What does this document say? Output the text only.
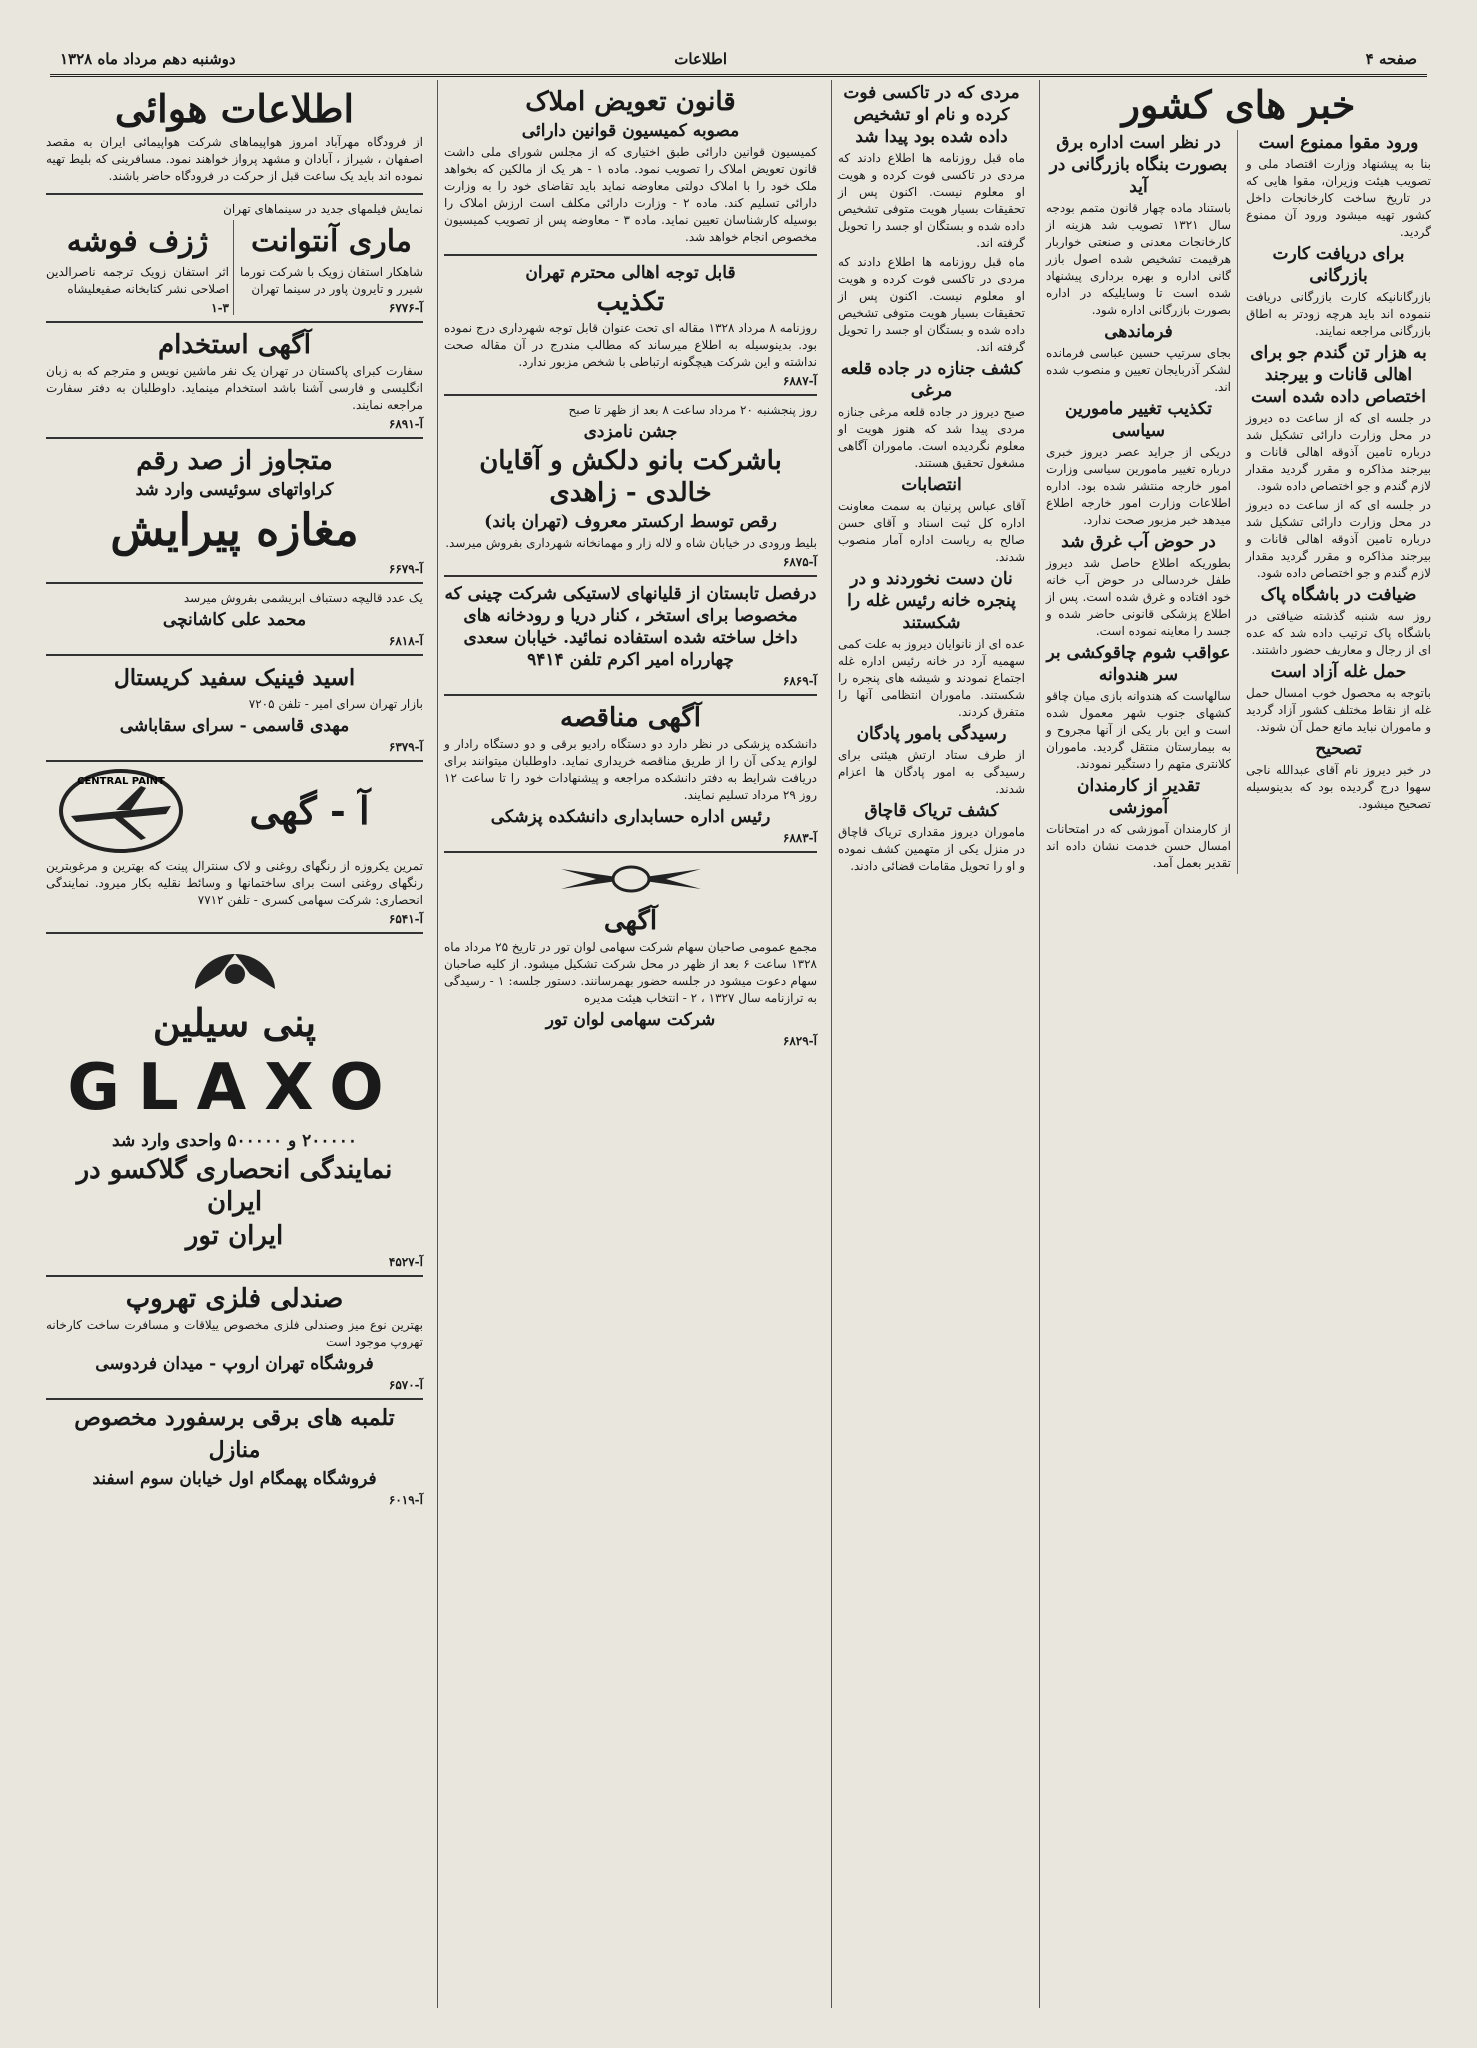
صفحه ۴
اطلاعات
دوشنبه دهم مرداد ماه ۱۳۲۸
خبر های کشور
ورود مقوا ممنوع است

بنا به پیشنهاد وزارت اقتصاد ملی و تصویب هیئت وزیران، مقوا هایی که در تاریخ ساخت کارخانجات داخل کشور تهیه میشود ورود آن ممنوع گردید.

برای دریافت کارت بازرگانی

بازرگانانیکه کارت بازرگانی دریافت ننموده اند باید هرچه زودتر به اطاق بازرگانی مراجعه نمایند.

به هزار تن گندم جو برای اهالی قانات و بیرجند اختصاص داده شده است

در جلسه ای که از ساعت ده دیروز در محل وزارت دارائی تشکیل شد درباره تامین آذوقه اهالی قانات و بیرجند مذاکره و مقرر گردید مقدار لازم گندم و جو اختصاص داده شود.

در جلسه ای که از ساعت ده دیروز در محل وزارت دارائی تشکیل شد درباره تامین آذوقه اهالی قانات و بیرجند مذاکره و مقرر گردید مقدار لازم گندم و جو اختصاص داده شود.

ضیافت در باشگاه پاک

روز سه شنبه گذشته ضیافتی در باشگاه پاک ترتیب داده شد که عده ای از رجال و معاریف حضور داشتند.

حمل غله آزاد است

باتوجه به محصول خوب امسال حمل غله از نقاط مختلف کشور آزاد گردید و ماموران نباید مانع حمل آن شوند.

تصحیح

در خبر دیروز نام آقای عبدالله ناجی سهوا درج گردیده بود که بدینوسیله تصحیح میشود.

در نظر است اداره برق بصورت بنگاه بازرگانی در آید

باستناد ماده چهار قانون متمم بودجه سال ۱۳۲۱ تصویب شد هزینه از کارخانجات معدنی و صنعتی خواربار هرقیمت تشخیص شده اصول بازر گانی اداره و بهره برداری پیشنهاد شده است تا وسایلیکه در اداره بصورت بازرگانی اداره شود.

فرماندهی

بجای سرتیپ حسین عباسی فرمانده لشکر آذربایجان تعیین و منصوب شده اند.

تکذیب تغییر مامورین سیاسی

دریکی از جراید عصر دیروز خبری درباره تغییر مامورین سیاسی وزارت امور خارجه منتشر شده بود. اداره اطلاعات وزارت امور خارجه اطلاع میدهد خبر مزبور صحت ندارد.

در حوض آب غرق شد

بطوریکه اطلاع حاصل شد دیروز طفل خردسالی در حوض آب خانه خود افتاده و غرق شده است. پس از اطلاع پزشکی قانونی حاضر شده و جسد را معاینه نموده است.

عواقب شوم چاقوکشی بر سر هندوانه

سالهاست که هندوانه بازی میان چاقو کشهای جنوب شهر معمول شده است و این بار یکی از آنها مجروح و به بیمارستان منتقل گردید. ماموران کلانتری متهم را دستگیر نمودند.

تقدیر از کارمندان آموزشی

از کارمندان آموزشی که در امتحانات امسال حسن خدمت نشان داده اند تقدیر بعمل آمد.

مردی که در تاکسی فوت کرده و نام او تشخیص داده شده بود پیدا شد

ماه قبل روزنامه ها اطلاع دادند که مردی در تاکسی فوت کرده و هویت او معلوم نیست. اکنون پس از تحقیقات بسیار هویت متوفی تشخیص داده شده و بستگان او جسد را تحویل گرفته اند.

ماه قبل روزنامه ها اطلاع دادند که مردی در تاکسی فوت کرده و هویت او معلوم نیست. اکنون پس از تحقیقات بسیار هویت متوفی تشخیص داده شده و بستگان او جسد را تحویل گرفته اند.

کشف جنازه در جاده قلعه مرغی

صبح دیروز در جاده قلعه مرغی جنازه مردی پیدا شد که هنوز هویت او معلوم نگردیده است. ماموران آگاهی مشغول تحقیق هستند.

انتصابات

آقای عباس پرنیان به سمت معاونت اداره کل ثبت اسناد و آقای حسن صالح به ریاست اداره آمار منصوب شدند.

نان دست نخوردند و در پنجره خانه رئیس غله را شکستند

عده ای از نانوایان دیروز به علت کمی سهمیه آرد در خانه رئیس اداره غله اجتماع نمودند و شیشه های پنجره را شکستند. ماموران انتظامی آنها را متفرق کردند.

رسیدگی بامور پادگان

از طرف ستاد ارتش هیئتی برای رسیدگی به امور پادگان ها اعزام شدند.

کشف تریاک قاچاق

ماموران دیروز مقداری تریاک قاچاق در منزل یکی از متهمین کشف نموده و او را تحویل مقامات قضائی دادند.

قانون تعویض املاک
مصوبه کمیسیون قوانین دارائی

کمیسیون قوانین دارائی طبق اختیاری که از مجلس شورای ملی داشت قانون تعویض املاک را تصویب نمود. ماده ۱ - هر یک از مالکین که بخواهد ملک خود را با املاک دولتی معاوضه نماید باید تقاضای خود را به وزارت دارائی تسلیم کند. ماده ۲ - وزارت دارائی مکلف است ارزش املاک را بوسیله کارشناسان تعیین نماید. ماده ۳ - معاوضه پس از تصویب کمیسیون مخصوص انجام خواهد شد.

قابل توجه اهالی محترم تهران
تکذیب

روزنامه ۸ مرداد ۱۳۲۸ مقاله ای تحت عنوان قابل توجه شهرداری درج نموده بود. بدینوسیله به اطلاع میرساند که مطالب مندرج در آن مقاله صحت نداشته و این شرکت هیچگونه ارتباطی با شخص مزبور ندارد.

آ-۶۸۸۷

روز پنجشنبه ۲۰ مرداد ساعت ۸ بعد از ظهر تا صبح

جشن نامزدی
باشرکت بانو دلکش و آقایان خالدی - زاهدی
رقص توسط ارکستر معروف (تهران باند)

بلیط ورودی در خیابان شاه و لاله زار و مهمانخانه شهرداری بفروش میرسد.

آ-۶۸۷۵
درفصل تابستان از قلیانهای لاستیکی شرکت چینی که مخصوصا برای استخر ، کنار دریا و رودخانه های داخل ساخته شده استفاده نمائید. خیابان سعدی چهارراه امیر اکرم تلفن ۹۴۱۴
آ-۶۸۶۹
آگهی مناقصه

دانشکده پزشکی در نظر دارد دو دستگاه رادیو برقی و دو دستگاه رادار و لوازم یدکی آن را از طریق مناقصه خریداری نماید. داوطلبان میتوانند برای دریافت شرایط به دفتر دانشکده مراجعه و پیشنهادات خود را تا ساعت ۱۲ روز ۲۹ مرداد تسلیم نمایند.

رئیس اداره حسابداری دانشکده پزشکی
آ-۶۸۸۳
آگهی

مجمع عمومی صاحبان سهام شرکت سهامی لوان تور در تاریخ ۲۵ مرداد ماه ۱۳۲۸ ساعت ۶ بعد از ظهر در محل شرکت تشکیل میشود. از کلیه صاحبان سهام دعوت میشود در جلسه حضور بهمرسانند. دستور جلسه: ۱ - رسیدگی به ترازنامه سال ۱۳۲۷ ، ۲ - انتخاب هیئت مدیره

شرکت سهامی لوان تور
آ-۶۸۲۹
اطلاعات هوائی

از فرودگاه مهرآباد امروز هواپیماهای شرکت هواپیمائی ایران به مقصد اصفهان ، شیراز ، آبادان و مشهد پرواز خواهند نمود. مسافرینی که بلیط تهیه نموده اند باید یک ساعت قبل از حرکت در فرودگاه حاضر باشند.

نمایش فیلمهای جدید در سینماهای تهران

ماری آنتوانت

شاهکار استفان زویک با شرکت نورما شیرر و تایرون پاور در سینما تهران

آ-۶۷۷۶
ژزف فوشه

اثر استفان زویک ترجمه ناصرالدین اصلاحی نشر کتابخانه صفیعلیشاه

۱-۳
آگهی استخدام

سفارت کبرای پاکستان در تهران یک نفر ماشین نویس و مترجم که به زبان انگلیسی و فارسی آشنا باشد استخدام مینماید. داوطلبان به دفتر سفارت مراجعه نمایند.

آ-۶۸۹۱
متجاوز از صد رقم
کراواتهای سوئیسی وارد شد
مغازه پیرایش
آ-۶۶۷۹

یک عدد قالیچه دستباف ابریشمی بفروش میرسد

محمد علی کاشانچی
آ-۶۸۱۸
اسید فینیک سفید کریستال

بازار تهران سرای امیر - تلفن ۷۲۰۵

مهدی قاسمی - سرای سقاباشی
آ-۶۳۷۹
آ - گهی
CENTRAL PAINT

تمرین یکروزه از رنگهای روغنی و لاک سنترال پینت که بهترین و مرغوبترین رنگهای روغنی است برای ساختمانها و وسائط نقلیه بکار میرود. نمایندگی انحصاری: شرکت سهامی کسری - تلفن ۷۷۱۲

آ-۶۵۴۱
پنی سیلین
GLAXO
۲۰۰۰۰۰ و ۵۰۰۰۰۰ واحدی وارد شد
نمایندگی انحصاری گلاکسو در ایران
ایران تور
آ-۴۵۲۷
صندلی فلزی تهروپ

بهترین نوع میز وصندلی فلزی مخصوص ییلاقات و مسافرت ساخت کارخانه تهروپ موجود است

فروشگاه تهران اروپ - میدان فردوسی
آ-۶۵۷۰
تلمبه های برقی برسفورد مخصوص منازل
فروشگاه پهمگام اول خیابان سوم اسفند
آ-۶۰۱۹
